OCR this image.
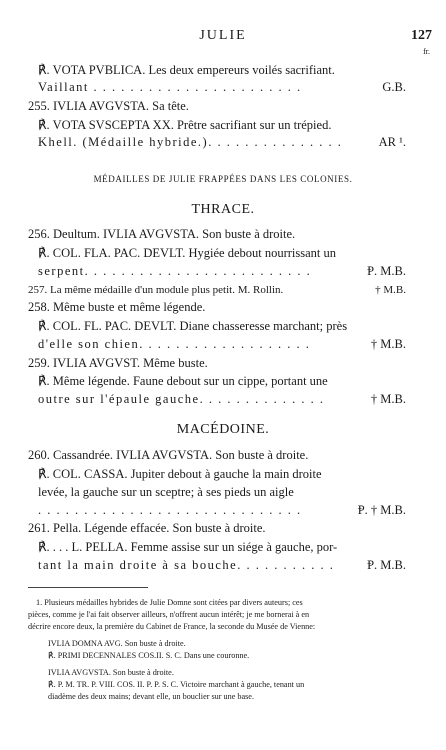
JULIE	127
fr.
℟. VOTA PVBLICA. Les deux empereurs voilés sacrifiant.
Vaillant . . . . . . . . . . . . . . . . . . . . . . .	G.B.
255. IVLIA AVGVSTA. Sa tête.
℟. VOTA SVSCEPTA XX. Prêtre sacrifiant sur un trépied.
Khell. (Médaille hybride.). . . . . . . . . . . . . . .	AR ¹.
MÉDAILLES DE JULIE FRAPPÉES DANS LES COLONIES.
THRACE.
256. Deultum. IVLIA AVGVSTA. Son buste à droite.
℟. COL. FLA. PAC. DEVLT. Hygiée debout nourrissant un
serpent. . . . . . . . . . . . . . . . . . . . . . . . .	Ᵽ. M.B.
257. La même médaille d'un module plus petit. M. Rollin.	† M.B.
258. Même buste et même légende.
℟. COL. FL. PAC. DEVLT. Diane chasseresse marchant; près
d'elle son chien. . . . . . . . . . . . . . . . . . .	† M.B.
259. IVLIA AVGVST. Même buste.
℟. Même légende. Faune debout sur un cippe, portant une
outre sur l'épaule gauche. . . . . . . . . . . . . .	† M.B.
MACÉDOINE.
260. Cassandrée. IVLIA AVGVSTA. Son buste à droite.
℟. COL. CASSA. Jupiter debout à gauche la main droite
levée, la gauche sur un sceptre; à ses pieds un aigle
. . . . . . . . . . . . . . . . . . . . . . . . . . . . .	Ᵽ. † M.B.
261. Pella. Légende effacée. Son buste à droite.
℟. . . . L. PELLA. Femme assise sur un siége à gauche, por-
tant la main droite à sa bouche. . . . . . . . . . .	Ᵽ. M.B.
1. Plusieurs médailles hybrides de Julie Domne sont citées par divers auteurs; ces
pièces, comme je l'ai fait observer ailleurs, n'offrent aucun intérêt; je me bornerai à en
décrire encore deux, la première du Cabinet de France, la seconde du Musée de Vienne:
IVLIA DOMNA AVG. Son buste à droite.
℟. PRIMI DECENNALES COS.II. S. C. Dans une couronne.
IVLIA AVGVSTA. Son buste à droite.
℟. P. M. TR. P. VIII. COS. II. P. P. S. C. Victoire marchant à gauche, tenant un
diadème des deux mains; devant elle, un bouclier sur une base.
